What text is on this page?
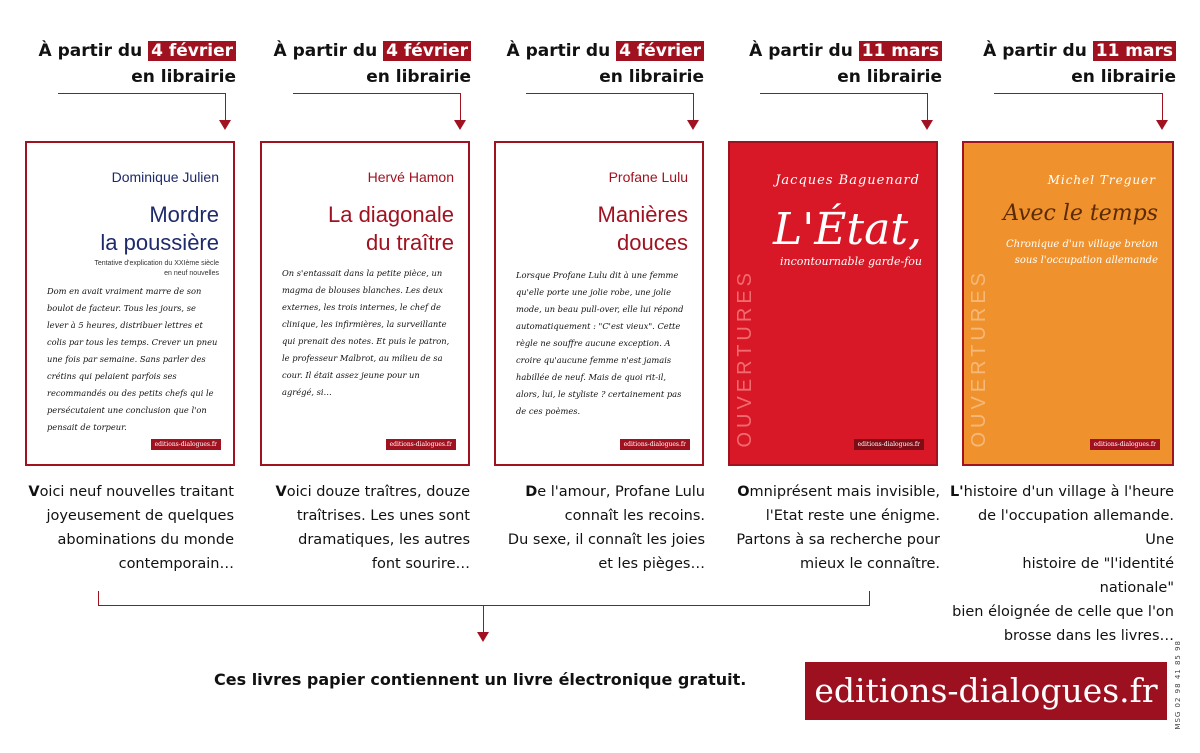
À partir du 4 février
en librairie
Dominique Julien
Mordre
la poussière
Tentative d'explication du XXIème siècle
en neuf nouvelles
Dom en avait vraiment marre de son boulot de facteur. Tous les jours, se lever à 5 heures, distribuer lettres et colis par tous les temps. Crever un pneu une fois par semaine. Sans parler des crétins qui pelaient parfois ses recommandés ou des petits chefs qui le persécutaient une conclusion que l'on pensait de torpeur.
editions-dialogues.fr
Voici neuf nouvelles traitant
joyeusement de quelques
abominations du monde
contemporain…
À partir du 4 février
en librairie
Hervé Hamon
La diagonale
du traître
On s'entassait dans la petite pièce, un magma de blouses blanches. Les deux externes, les trois internes, le chef de clinique, les infirmières, la surveillante qui prenait des notes. Et puis le patron, le professeur Malbrot, au milieu de sa cour. Il était assez jeune pour un agrégé, si…
editions-dialogues.fr
Voici douze traîtres, douze
traîtrises. Les unes sont
dramatiques, les autres
font sourire…
À partir du 4 février
en librairie
Profane Lulu
Manières
douces
Lorsque Profane Lulu dit à une femme qu'elle porte une jolie robe, une jolie mode, un beau pull-over, elle lui répond automatiquement : "C'est vieux". Cette règle ne souffre aucune exception. A croire qu'aucune femme n'est jamais habillée de neuf. Mais de quoi rit-il, alors, lui, le styliste ? certainement pas de ces poèmes.
editions-dialogues.fr
De l'amour, Profane Lulu
connaît les recoins.
Du sexe, il connaît les joies
et les pièges…
À partir du 11 mars
en librairie
Jacques Baguenard
L'État,
incontournable garde-fou
OUVERTURES	editions-dialogues.fr
Omniprésent mais invisible,
l'Etat reste une énigme.
Partons à sa recherche pour
mieux le connaître.
À partir du 11 mars
en librairie
Michel Treguer
Avec le temps
Chronique d'un village breton
sous l'occupation allemande
OUVERTURES	editions-dialogues.fr
L'histoire d'un village à l'heure
de l'occupation allemande. Une
histoire de "l'identité nationale"
bien éloignée de celle que l'on
brosse dans les livres…
Ces livres papier contiennent un livre électronique gratuit. editions-dialogues.fr	MSG 02 98 41 85 98
